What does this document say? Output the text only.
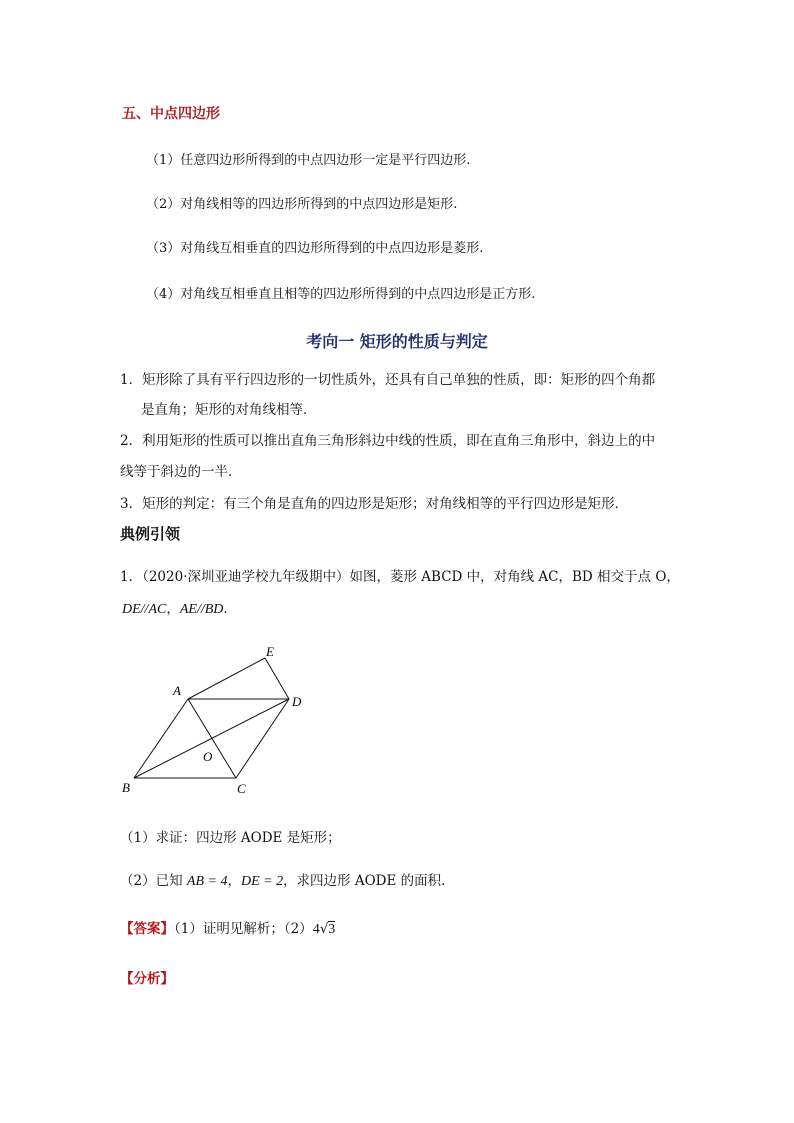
五、中点四边形
（1）任意四边形所得到的中点四边形一定是平行四边形.
（2）对角线相等的四边形所得到的中点四边形是矩形.
（3）对角线互相垂直的四边形所得到的中点四边形是菱形.
（4）对角线互相垂直且相等的四边形所得到的中点四边形是正方形.
考向一 矩形的性质与判定
1．矩形除了具有平行四边形的一切性质外，还具有自己单独的性质，即：矩形的四个角都
是直角；矩形的对角线相等．
2．利用矩形的性质可以推出直角三角形斜边中线的性质，即在直角三角形中，斜边上的中
线等于斜边的一半．
3．矩形的判定：有三个角是直角的四边形是矩形；对角线相等的平行四边形是矩形．
典例引领
1．（2020·深圳亚迪学校九年级期中）如图，菱形 ABCD 中，对角线 AC，BD 相交于点 O，
DE//AC，AE//BD．
A
B	C
D
E
O
（1）求证：四边形 AODE 是矩形；
（2）已知 AB = 4，DE = 2，求四边形 AODE 的面积．
【答案】（1）证明见解析；（2）4√3
【分析】
